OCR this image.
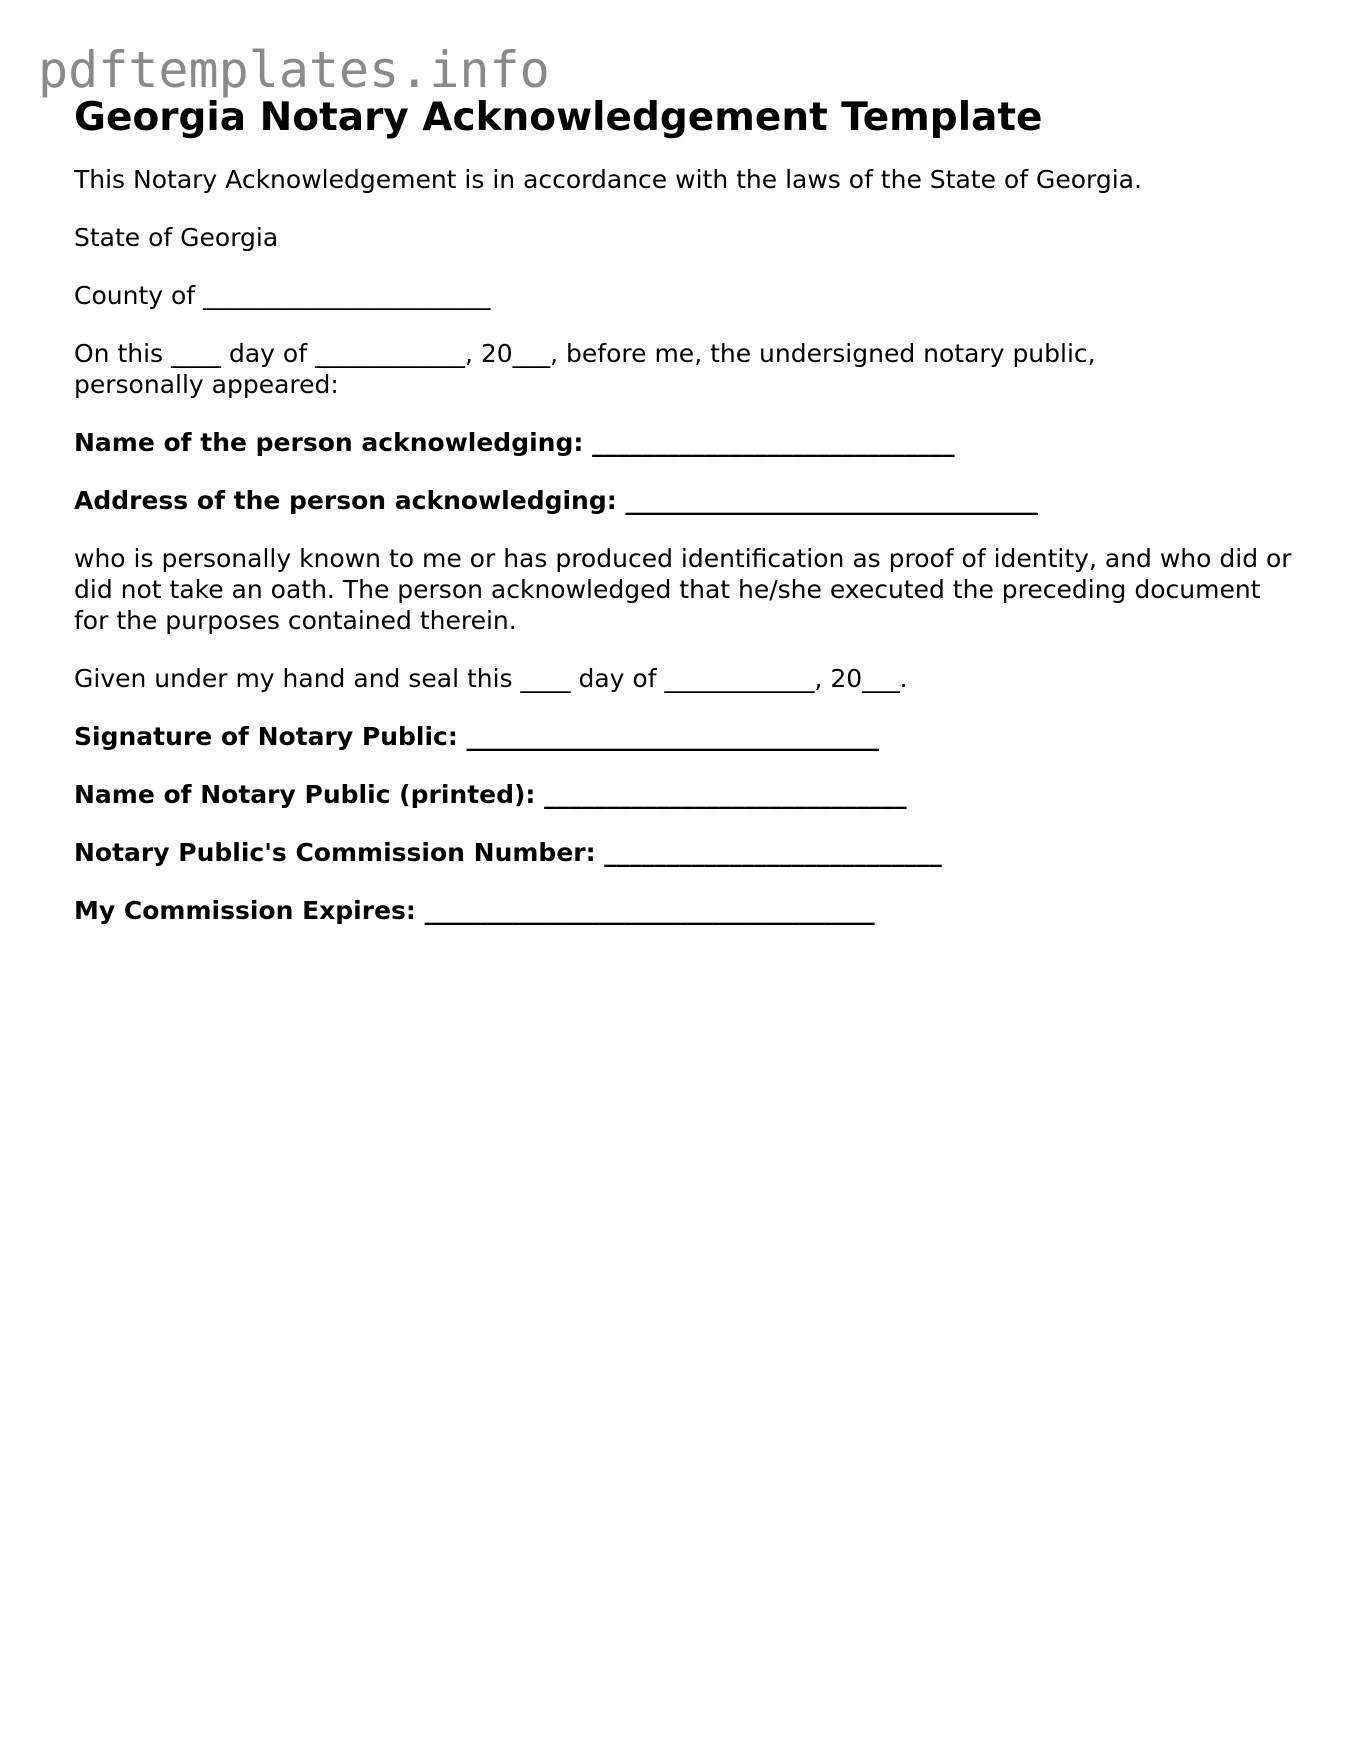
pdftemplates.info
Georgia Notary Acknowledgement Template

This Notary Acknowledgement is in accordance with the laws of the State of Georgia.

State of Georgia

County of _______________________

On this ____ day of ____________, 20___, before me, the undersigned notary public, personally appeared:

Name of the person acknowledging: _____________________________

Address of the person acknowledging: _________________________________

who is personally known to me or has produced identification as proof of identity, and who did or did not take an oath. The person acknowledged that he/she executed the preceding document for the purposes contained therein.

Given under my hand and seal this ____ day of ____________, 20___.

Signature of Notary Public: _________________________________

Name of Notary Public (printed): _____________________________

Notary Public's Commission Number: ___________________________

My Commission Expires: ____________________________________
